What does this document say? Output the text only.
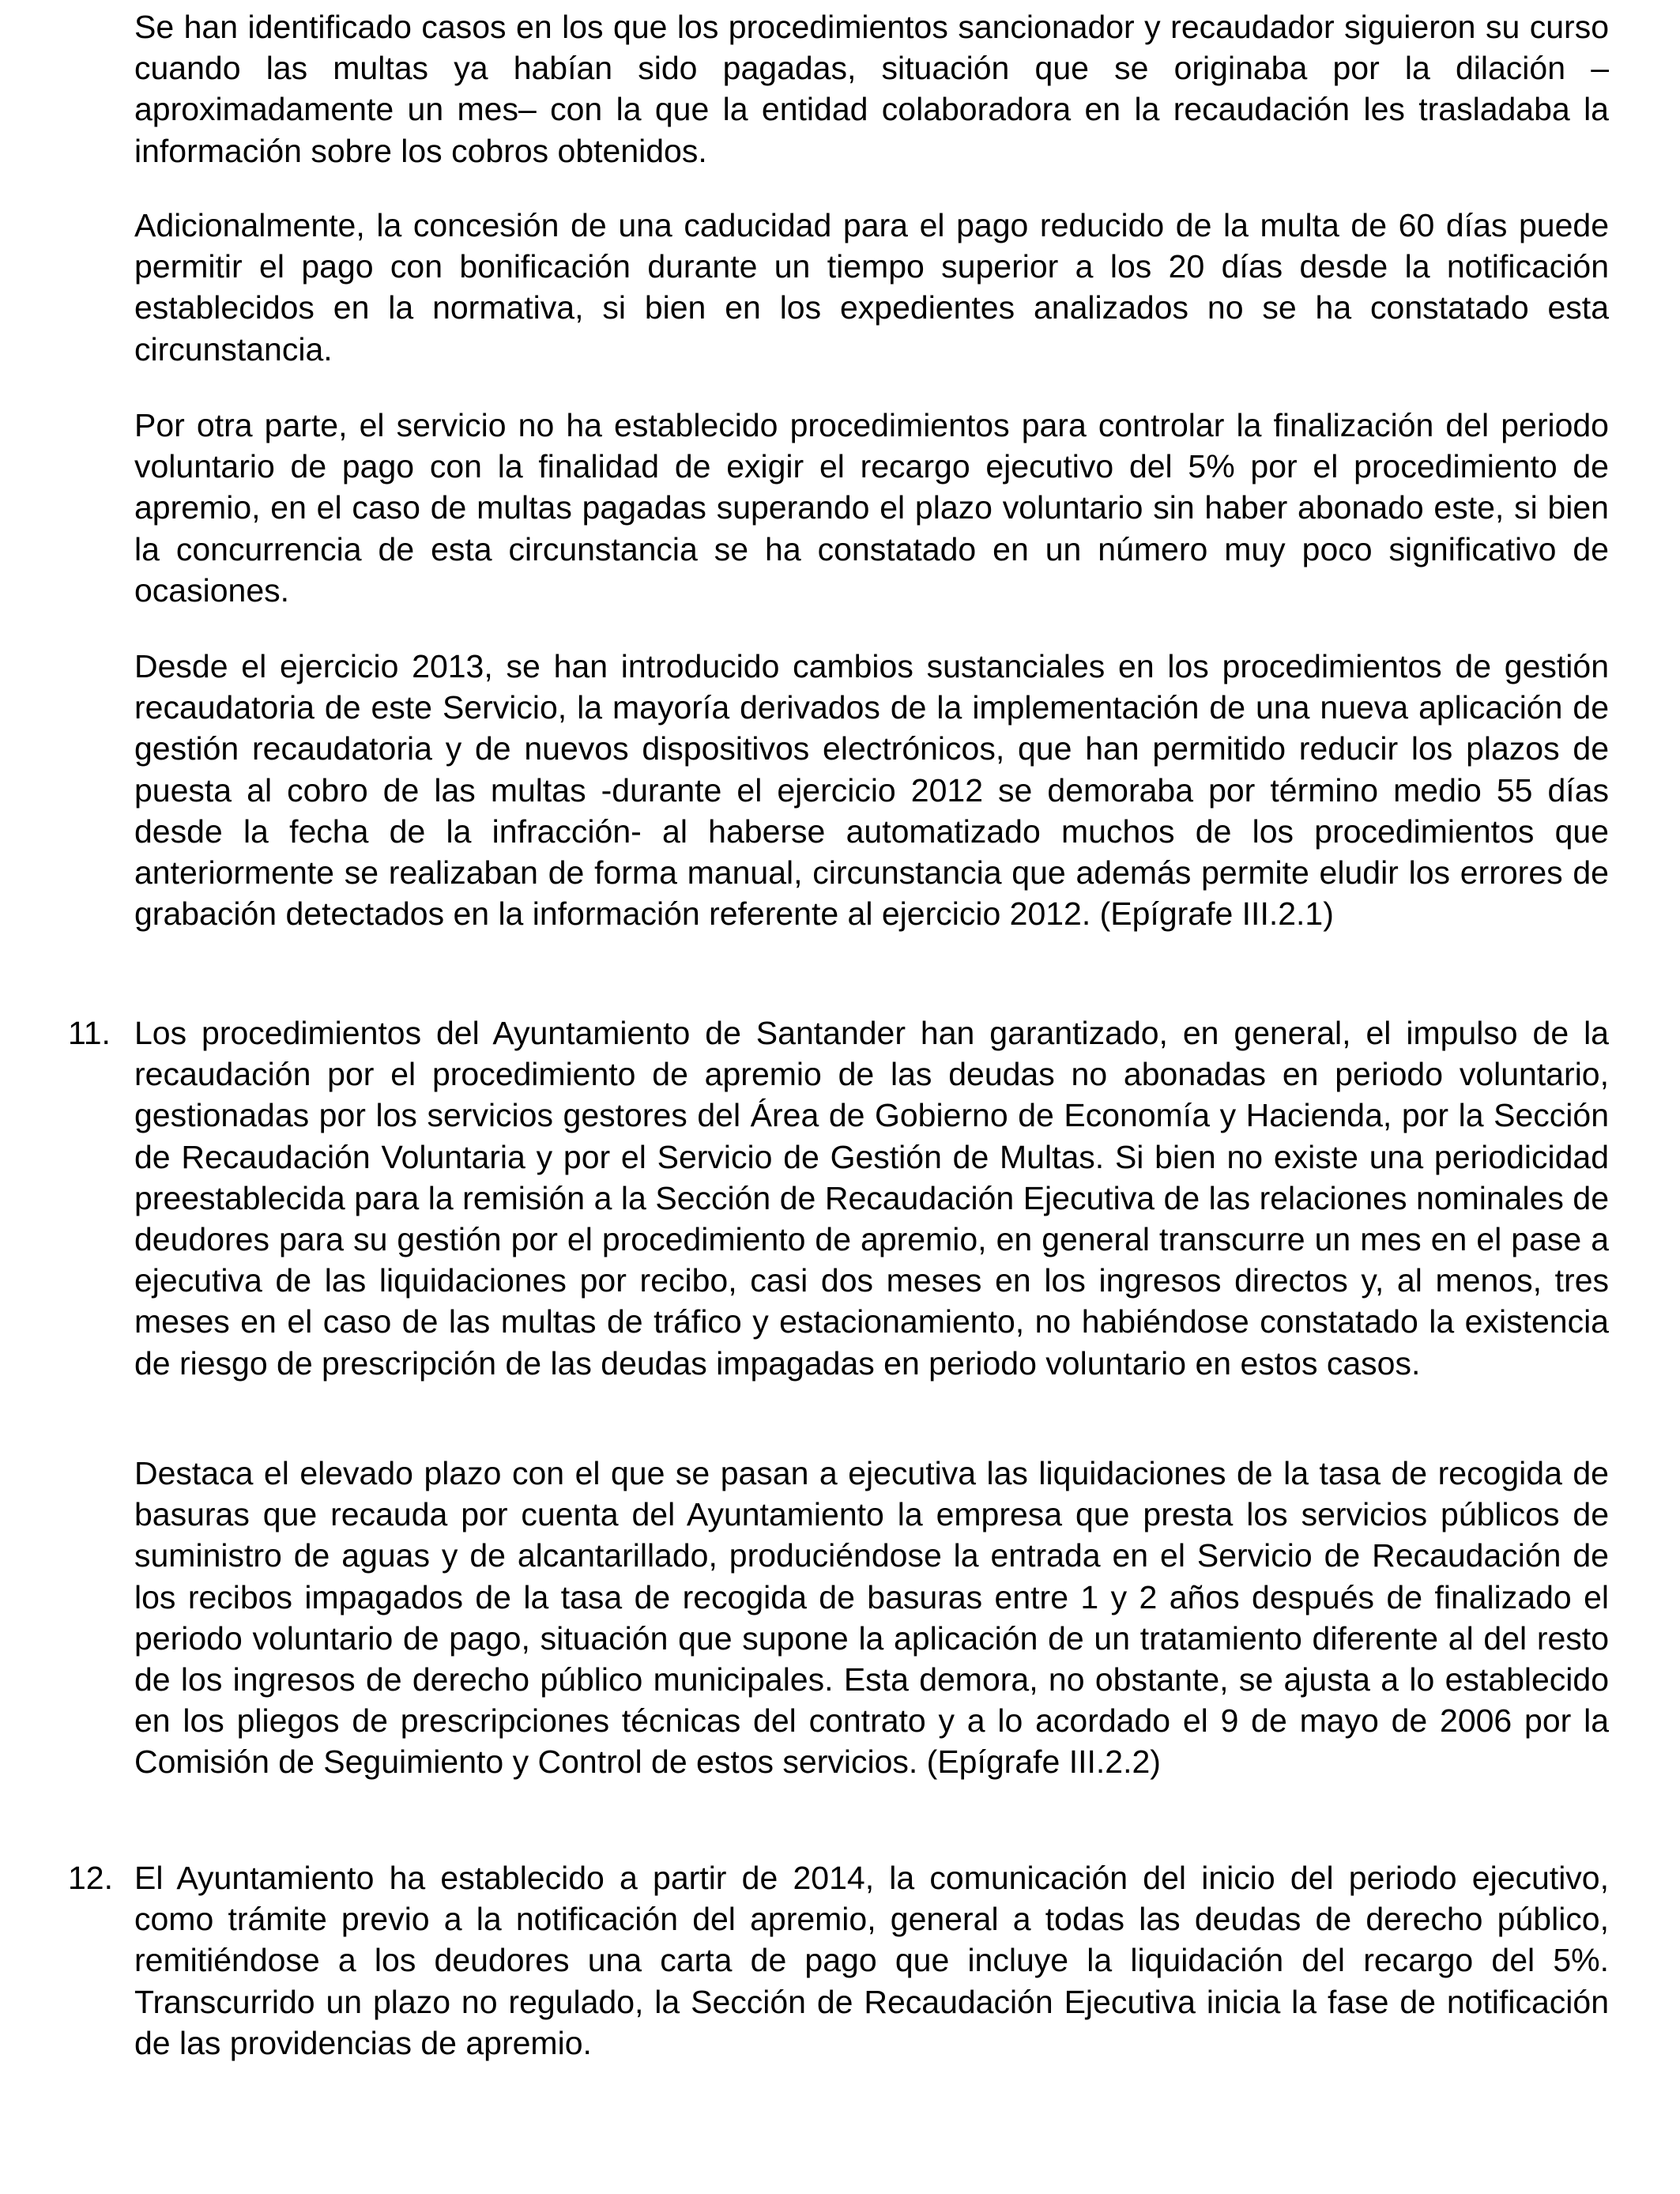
Se han identificado casos en los que los procedimientos sancionador y recaudador siguieron su curso cuando las multas ya habían sido pagadas, situación que se originaba por la dilación –aproximadamente un mes– con la que la entidad colaboradora en la recaudación les trasladaba la información sobre los cobros obtenidos.

Adicionalmente, la concesión de una caducidad para el pago reducido de la multa de 60 días puede permitir el pago con bonificación durante un tiempo superior a los 20 días desde la notificación establecidos en la normativa, si bien en los expedientes analizados no se ha constatado esta circunstancia.

Por otra parte, el servicio no ha establecido procedimientos para controlar la finalización del periodo voluntario de pago con la finalidad de exigir el recargo ejecutivo del 5% por el procedimiento de apremio, en el caso de multas pagadas superando el plazo voluntario sin haber abonado este, si bien la concurrencia de esta circunstancia se ha constatado en un número muy poco significativo de ocasiones.

Desde el ejercicio 2013, se han introducido cambios sustanciales en los procedimientos de gestión recaudatoria de este Servicio, la mayoría derivados de la implementación de una nueva aplicación de gestión recaudatoria y de nuevos dispositivos electrónicos, que han permitido reducir los plazos de puesta al cobro de las multas -durante el ejercicio 2012 se demoraba por término medio 55 días desde la fecha de la infracción- al haberse automatizado muchos de los procedimientos que anteriormente se realizaban de forma manual, circunstancia que además permite eludir los errores de grabación detectados en la información referente al ejercicio 2012. (Epígrafe III.2.1)

11. Los procedimientos del Ayuntamiento de Santander han garantizado, en general, el impulso de la recaudación por el procedimiento de apremio de las deudas no abonadas en periodo voluntario, gestionadas por los servicios gestores del Área de Gobierno de Economía y Hacienda, por la Sección de Recaudación Voluntaria y por el Servicio de Gestión de Multas. Si bien no existe una periodicidad preestablecida para la remisión a la Sección de Recaudación Ejecutiva de las relaciones nominales de deudores para su gestión por el procedimiento de apremio, en general transcurre un mes en el pase a ejecutiva de las liquidaciones por recibo, casi dos meses en los ingresos directos y, al menos, tres meses en el caso de las multas de tráfico y estacionamiento, no habiéndose constatado la existencia de riesgo de prescripción de las deudas impagadas en periodo voluntario en estos casos.

Destaca el elevado plazo con el que se pasan a ejecutiva las liquidaciones de la tasa de recogida de basuras que recauda por cuenta del Ayuntamiento la empresa que presta los servicios públicos de suministro de aguas y de alcantarillado, produciéndose la entrada en el Servicio de Recaudación de los recibos impagados de la tasa de recogida de basuras entre 1 y 2 años después de finalizado el periodo voluntario de pago, situación que supone la aplicación de un tratamiento diferente al del resto de los ingresos de derecho público municipales. Esta demora, no obstante, se ajusta a lo establecido en los pliegos de prescripciones técnicas del contrato y a lo acordado el 9 de mayo de 2006 por la Comisión de Seguimiento y Control de estos servicios. (Epígrafe III.2.2)

12. El Ayuntamiento ha establecido a partir de 2014, la comunicación del inicio del periodo ejecutivo, como trámite previo a la notificación del apremio, general a todas las deudas de derecho público, remitiéndose a los deudores una carta de pago que incluye la liquidación del recargo del 5%. Transcurrido un plazo no regulado, la Sección de Recaudación Ejecutiva inicia la fase de notificación de las providencias de apremio.
